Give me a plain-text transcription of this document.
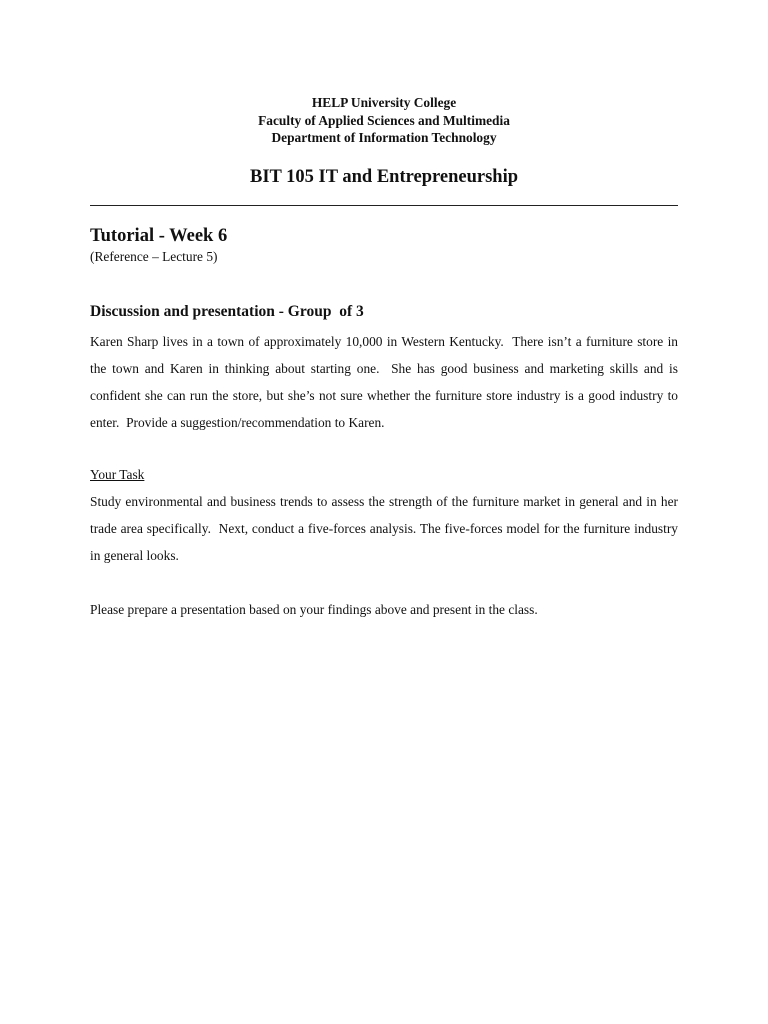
HELP University College
Faculty of Applied Sciences and Multimedia
Department of Information Technology
BIT 105 IT and Entrepreneurship
Tutorial - Week 6
(Reference – Lecture 5)
Discussion and presentation - Group  of 3
Karen Sharp lives in a town of approximately 10,000 in Western Kentucky.  There isn’t a furniture store in the town and Karen in thinking about starting one.  She has good business and marketing skills and is confident she can run the store, but she’s not sure whether the furniture store industry is a good industry to enter.  Provide a suggestion/recommendation to Karen.
Your Task
Study environmental and business trends to assess the strength of the furniture market in general and in her trade area specifically.  Next, conduct a five-forces analysis. The five-forces model for the furniture industry in general looks.
Please prepare a presentation based on your findings above and present in the class.
